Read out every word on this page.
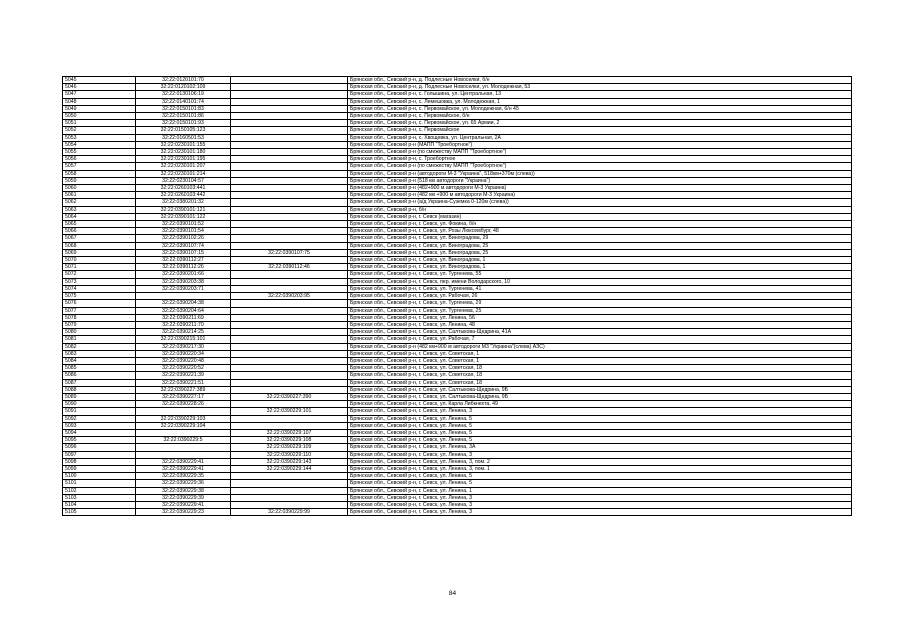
5045	32:22:0120101:70		Брянская обл., Севский р-н, д. Подлесные Новоселки, б/н
5046	32:22:0120102:109		Брянская обл., Севский р-н, д. Подлесные Новоселки, ул. Молодежная, 53
5047	32:22:0130106:19		Брянская обл., Севский р-н, с. Голышина, ул. Центральная, 13
5048	32:22:0140101:74		Брянская обл., Севский р-н, с. Лемешовка, ул. Молодежная, 1
5049	32:22:0150101:83		Брянская обл., Севский р-н, с. Первомайское, ул. Молодежная, 6/н 45
5050	32:22:0150101:86		Брянская обл., Севский р-н, с. Первомайское, б/н
5051	32:22:0150101:93		Брянская обл., Севский р-н, с. Первомайское, ул. 65 Армии, 2
5052	32:22:0150105:123		Брянская обл., Севский р-н, с. Первомайское
5053	32:22:0160501:53		Брянская обл., Севский р-н, с. Хвощевка, ул. Центральная, 2А
5054	32:22:0230101:155		Брянская обл., Севский р-н (МАПП "Троебортное")
5055	32:22:0230101:180		Брянская обл., Севский р-н (по смежеству МАПП "Троебортное")
5056	32:22:0230101:195		Брянская обл., Севский р-н, с. Троебортное
5057	32:22:0230101:207		Брянская обл., Севский р-н (по смежеству МАПП "Троебортное")
5058	32:22:0230101:214		Брянская обл., Севский р-н (автодороги М-3 "Украина", 518км+370м (слева))
5059	32:22:0230104:57		Брянская обл., Севский р-н (518 км автодороги "Украина")
5060	32:22:0260103:441		Брянская обл., Севский р-н (482+900 м автодороги М-3 Украина)
5061	32:22:0260103:442		Брянская обл., Севский р-н (482 км +900 м автодороги М-3 Украина)
5062	32:22:0380201:32		Брянская обл., Севский р-н (а/д Украина-Суземка 0-120м (слева))
5063	32:22:0390101:121		Брянская обл., Севский р-н, б/н
5064	32:22:0390101:122		Брянская обл., Севский р-н, г. Севск (магазин)
5065	32:22:0390101:52		Брянская обл., Севский р-н, г. Севск, ул. Фокина, б/н
5066	32:22:0390101:54		Брянская обл., Севский р-н, г. Севск, ул. Розы Люксембург, 48
5067	32:22:0390102:26		Брянская обл., Севский р-н, г. Севск, ул. Виноградова, 29
5068	32:22:0390107:74		Брянская обл., Севский р-н, г. Севск, ул. Виноградова, 25
5069	32:22:0390107:15	32:22:0390107:75	Брянская обл., Севский р-н, г. Севск, ул. Виноградова, 25
5070	32:22:0390112:27		Брянская обл., Севский р-н, г. Севск, ул. Виноградова, 1
5071	32:22:0390112:26	32:22:0390112:46	Брянская обл., Севский р-н, г. Севск, ул. Виноградова, 1
5072	32:22:0390201:66		Брянская обл., Севский р-н, г. Севск, ул. Тургенева, 55
5073	32:22:0390203:38		Брянская обл., Севский р-н, г. Севск, пер. имени Володарского, 10
5074	32:22:0390203:71		Брянская обл., Севский р-н, г. Севск, ул. Тургенева, 41
5075		32:22:0390203:95	Брянская обл., Севский р-н, г. Севск, ул. Рабочая, 26
5076	32:22:0390204:38		Брянская обл., Севский р-н, г. Севск, ул. Тургенева, 29
5077	32:22:0390204:64		Брянская обл., Севский р-н, г. Севск, ул. Тургенева, 25
5078	32:22:0390211:69		Брянская обл., Севский р-н, г. Севск, ул. Ленина, 56
5079	32:22:0390211:70		Брянская обл., Севский р-н, г. Севск, ул. Ленина, 48
5080	32:22:0390214:25		Брянская обл., Севский р-н, г. Севск, ул. Салтыкова-Щедрина, 41А
5081	32:22:0390215:101		Брянская обл., Севский р-н, г. Севск, ул. Рабочая, 7
5082	32:22:0390217:30		Брянская обл., Севский р-н (482 км+900 м автодороги М3 "Украина"(слева) АЗС)
5083	32:22:0390220:34		Брянская обл., Севский р-н, г. Севск, ул. Советская, 1
5084	32:22:0390220:48		Брянская обл., Севский р-н, г. Севск, ул. Советская, 1
5085	32:22:0390220:52		Брянская обл., Севский р-н, г. Севск, ул. Советская, 18
5086	32:22:0390221:39		Брянская обл., Севский р-н, г. Севск, ул. Советская, 18
5087	32:22:0390221:51		Брянская обл., Севский р-н, г. Севск, ул. Советская, 18
5088	32:22:0390227:389		Брянская обл., Севский р-н, г. Севск, ул. Салтыкова-Щедрина, 9Б
5089	32:22:0390227:17	32:22:0390227:390	Брянская обл., Севский р-н, г. Севск, ул. Салтыкова-Щедрина, 9Б
5090	32:22:0390228:26		Брянская обл., Севский р-н, г. Севск, ул. Карла Либкнехта, 49
5091		32:22:0390229:101	Брянская обл., Севский р-н, г. Севск, ул. Ленина, 3
5092	32:22:0390229:103		Брянская обл., Севский р-н, г. Севск, ул. Ленина, 5
5093	32:22:0390229:104		Брянская обл., Севский р-н, г. Севск, ул. Ленина, 5
5094		32:22:0390229:107	Брянская обл., Севский р-н, г. Севск, ул. Ленина, 5
5095	32:22:0390229:5	32:22:0390229:108	Брянская обл., Севский р-н, г. Севск, ул. Ленина, 5
5096		32:22:0390229:109	Брянская обл., Севский р-н, г. Севск, ул. Ленина, 3А
5097		32:22:0390229:110	Брянская обл., Севский р-н, г. Севск, ул. Ленина, 3
5098	32:22:0390229:41	32:22:0390229:143	Брянская обл., Севский р-н, г. Севск, ул. Ленина, 3, пом. 2
5099	32:22:0390229:41	32:22:0390229:144	Брянская обл., Севский р-н, г. Севск, ул. Ленина, 3, пом. 1
5100	32:22:0390229:35		Брянская обл., Севский р-н, г. Севск, ул. Ленина, 5
5101	32:22:0390229:36		Брянская обл., Севский р-н, г. Севск, ул. Ленина, 5
5102	32:22:0390229:38		Брянская обл., Севский р-н, г. Севск, ул. Ленина, 1
5103	32:22:0390229:39		Брянская обл., Севский р-н, г. Севск, ул. Ленина, 3
5104	32:22:0390229:41		Брянская обл., Севский р-н, г. Севск, ул. Ленина, 3
5105	32:22:0390229:23	32:22:0390229:99	Брянская обл., Севский р-н, г. Севск, ул. Ленина, 3
84
